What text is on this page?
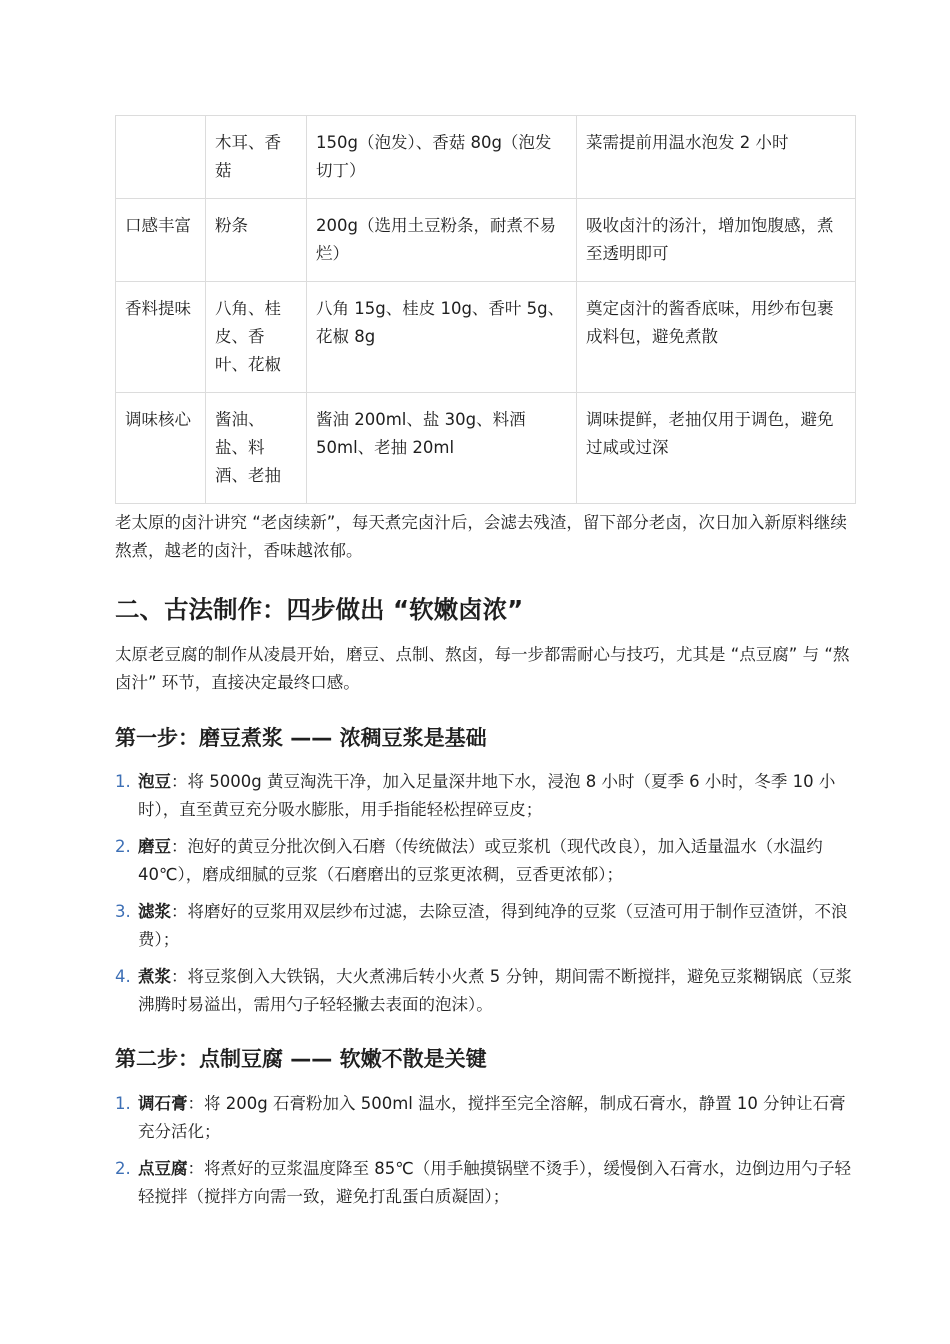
	木耳、香菇	150g（泡发）、香菇 80g（泡发切丁）	菜需提前用温水泡发 2 小时
口感丰富	粉条	200g（选用土豆粉条，耐煮不易烂）	吸收卤汁的汤汁，增加饱腹感，煮至透明即可
香料提味	八角、桂皮、香叶、花椒	八角 15g、桂皮 10g、香叶 5g、花椒 8g	奠定卤汁的酱香底味，用纱布包裹成料包，避免煮散
调味核心	酱油、盐、料酒、老抽	酱油 200ml、盐 30g、料酒 50ml、老抽 20ml	调味提鲜，老抽仅用于调色，避免过咸或过深

老太原的卤汁讲究 “老卤续新”，每天煮完卤汁后，会滤去残渣，留下部分老卤，次日加入新原料继续熬煮，越老的卤汁，香味越浓郁。

二、古法制作：四步做出 “软嫩卤浓”

太原老豆腐的制作从凌晨开始，磨豆、点制、熬卤，每一步都需耐心与技巧，尤其是 “点豆腐” 与 “熬卤汁” 环节，直接决定最终口感。

第一步：磨豆煮浆 —— 浓稠豆浆是基础
1. 泡豆：将 5000g 黄豆淘洗干净，加入足量深井地下水，浸泡 8 小时（夏季 6 小时，冬季 10 小时），直至黄豆充分吸水膨胀，用手指能轻松捏碎豆皮；
2. 磨豆：泡好的黄豆分批次倒入石磨（传统做法）或豆浆机（现代改良），加入适量温水（水温约 40℃），磨成细腻的豆浆（石磨磨出的豆浆更浓稠，豆香更浓郁）；
3. 滤浆：将磨好的豆浆用双层纱布过滤，去除豆渣，得到纯净的豆浆（豆渣可用于制作豆渣饼，不浪费）；
4. 煮浆：将豆浆倒入大铁锅，大火煮沸后转小火煮 5 分钟，期间需不断搅拌，避免豆浆糊锅底（豆浆沸腾时易溢出，需用勺子轻轻撇去表面的泡沫）。
第二步：点制豆腐 —— 软嫩不散是关键
1. 调石膏：将 200g 石膏粉加入 500ml 温水，搅拌至完全溶解，制成石膏水，静置 10 分钟让石膏充分活化；
2. 点豆腐：将煮好的豆浆温度降至 85℃（用手触摸锅壁不烫手），缓慢倒入石膏水，边倒边用勺子轻轻搅拌（搅拌方向需一致，避免打乱蛋白质凝固）；
